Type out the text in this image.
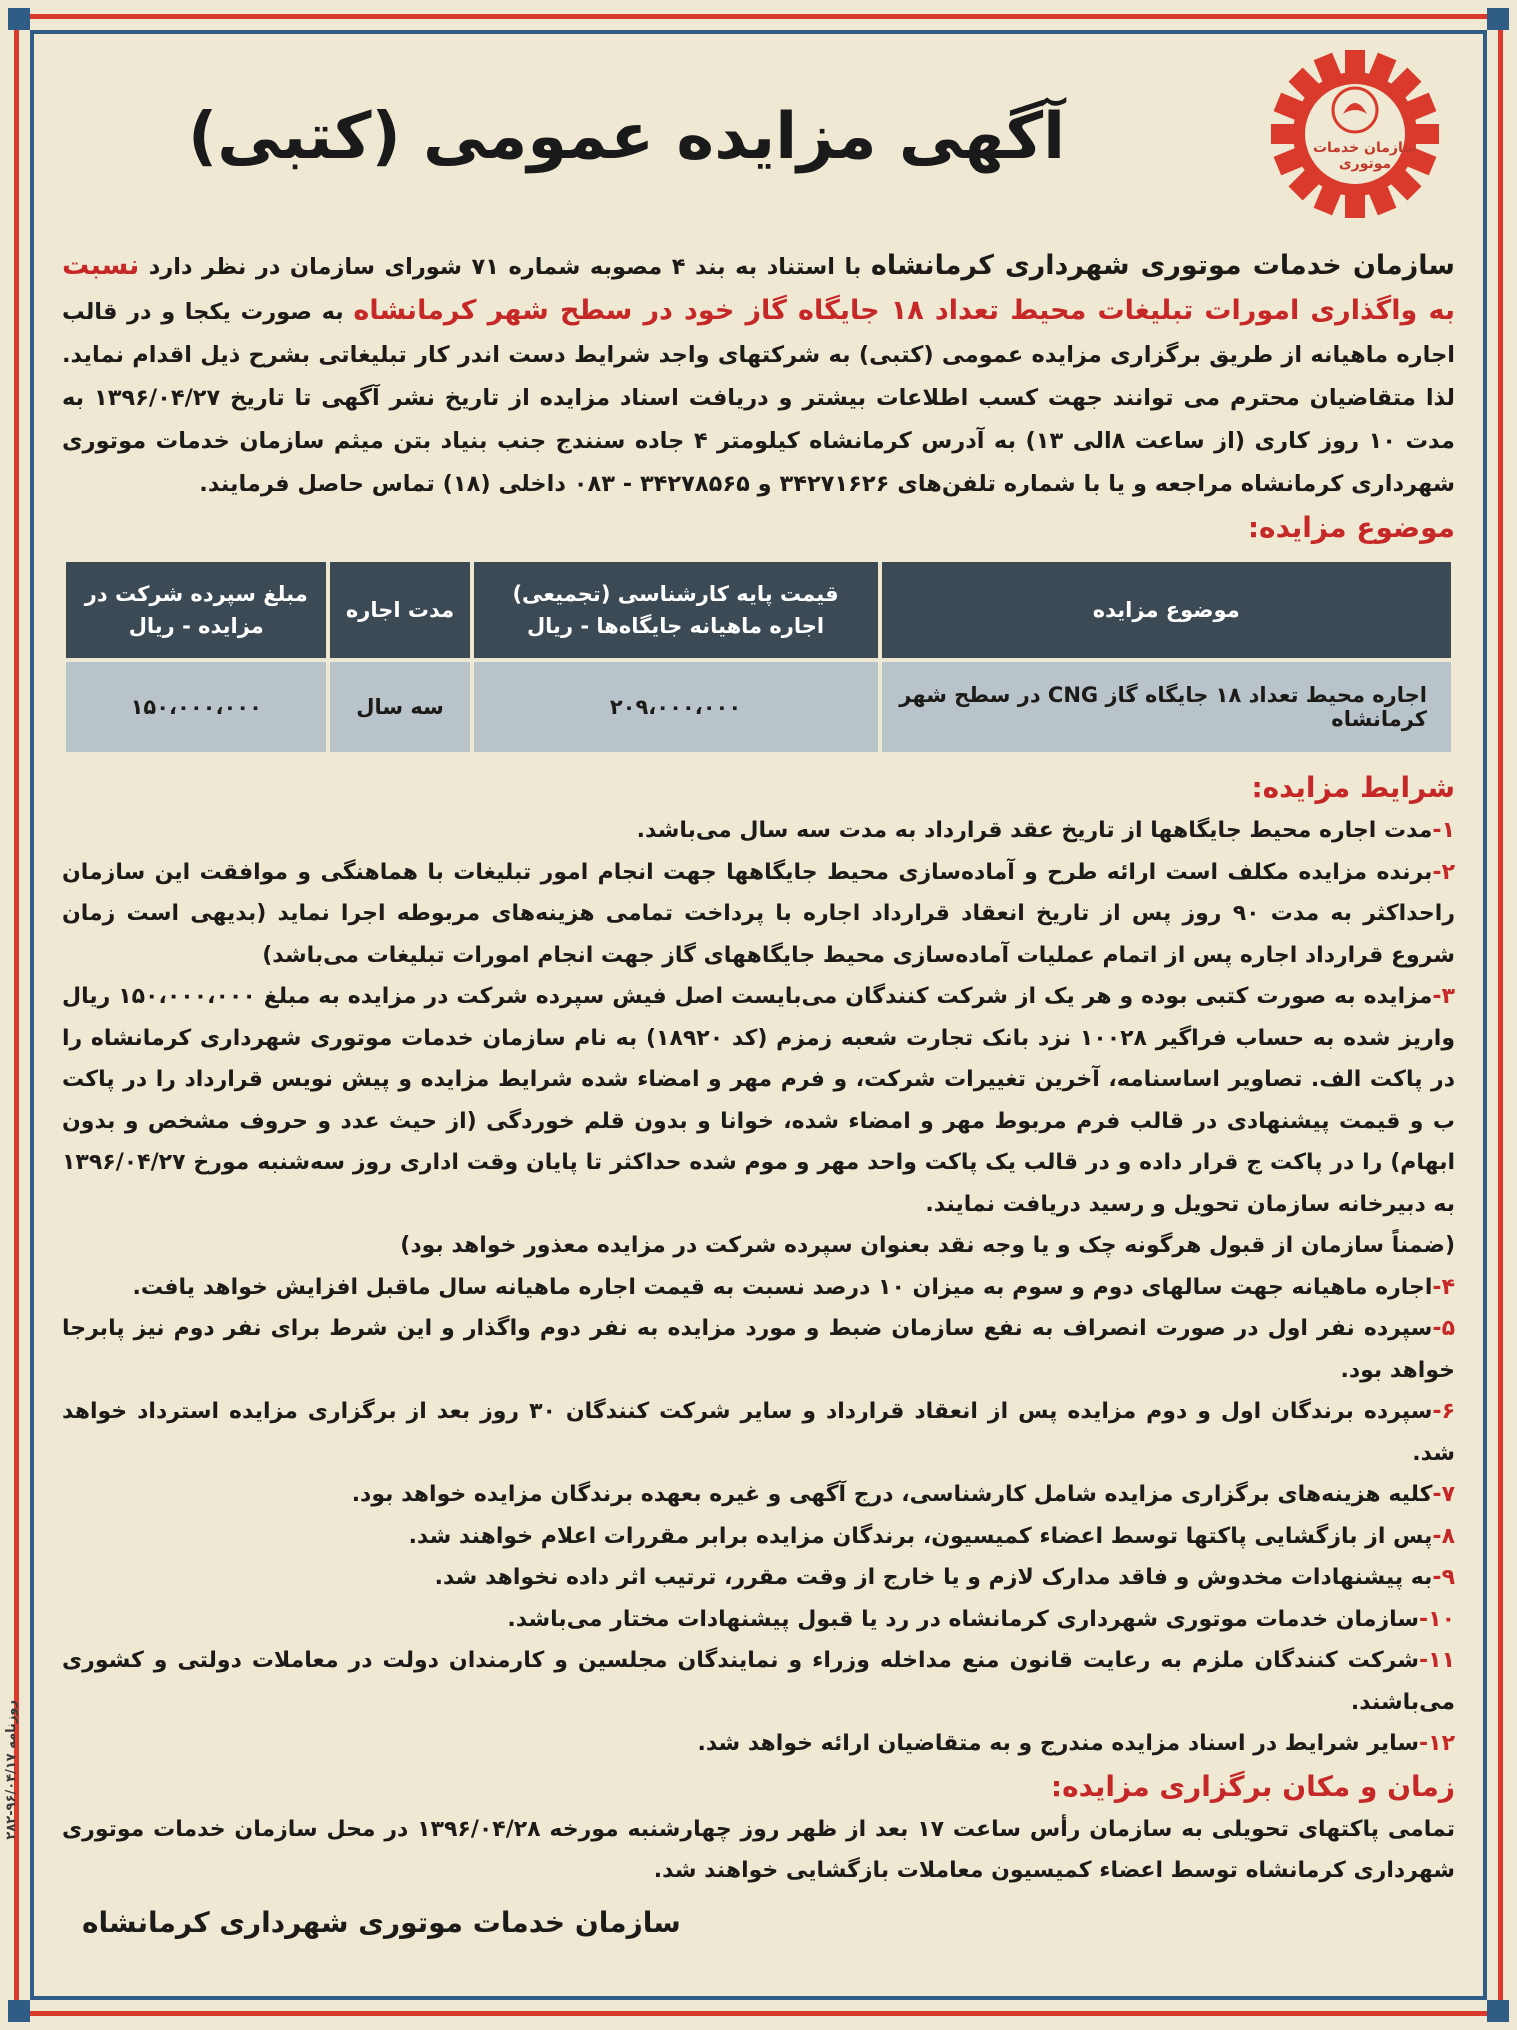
روزنامه ۹۶/۰۴/۱۷-۲۸۲
سازمان خدمات موتوری
آگهی مزایده عمومی (کتبی)
سازمان خدمات موتوری شهرداری کرمانشاه با استناد به بند ۴ مصوبه شماره ۷۱ شورای سازمان در نظر دارد نسبت به واگذاری امورات تبلیغات محیط تعداد ۱۸ جایگاه گاز خود در سطح شهر کرمانشاه به صورت یکجا و در قالب اجاره ماهیانه از طریق برگزاری مزایده عمومی (کتبی) به شرکتهای واجد شرایط دست اندر کار تبلیغاتی بشرح ذیل اقدام نماید. لذا متقاضیان محترم می توانند جهت کسب اطلاعات بیشتر و دریافت اسناد مزایده از تاریخ نشر آگهی تا تاریخ ۱۳۹۶/۰۴/۲۷ به مدت ۱۰ روز کاری (از ساعت ۸الی ۱۳) به آدرس کرمانشاه کیلومتر ۴ جاده سنندج جنب بنیاد بتن میثم سازمان خدمات موتوری شهرداری کرمانشاه مراجعه و یا با شماره تلفن‌های ۳۴۲۷۱۶۲۶ و ۳۴۲۷۸۵۶۵ - ۰۸۳ داخلی (۱۸) تماس حاصل فرمایند.
موضوع مزایده:
موضوع مزایده	قیمت پایه کارشناسی (تجمیعی) اجاره ماهیانه جایگاه‌ها - ریال	مدت اجاره	مبلغ سپرده شرکت در مزایده - ریال
اجاره محیط تعداد ۱۸ جایگاه گاز CNG در سطح شهر کرمانشاه	۲۰۹،۰۰۰،۰۰۰	سه سال	۱۵۰،۰۰۰،۰۰۰
شرایط مزایده:

۱-مدت اجاره محیط جایگاهها از تاریخ عقد قرارداد به مدت سه سال می‌باشد.

۲-برنده مزایده مکلف است ارائه طرح و آماده‌سازی محیط جایگاهها جهت انجام امور تبلیغات با هماهنگی و موافقت این سازمان راحداکثر به مدت ۹۰ روز پس از تاریخ انعقاد قرارداد اجاره با پرداخت تمامی هزینه‌های مربوطه اجرا نماید (بدیهی است زمان شروع قرارداد اجاره پس از اتمام عملیات آماده‌سازی محیط جایگاههای گاز جهت انجام امورات تبلیغات می‌باشد)

۳-مزایده به صورت کتبی بوده و هر یک از شرکت کنندگان می‌بایست اصل فیش سپرده شرکت در مزایده به مبلغ ۱۵۰،۰۰۰،۰۰۰ ریال واریز شده به حساب فراگیر ۱۰۰۲۸ نزد بانک تجارت شعبه زمزم (کد ۱۸۹۲۰) به نام سازمان خدمات موتوری شهرداری کرمانشاه را در پاکت الف. تصاویر اساسنامه، آخرین تغییرات شرکت، و فرم مهر و امضاء شده شرایط مزایده و پیش نویس قرارداد را در پاکت ب و قیمت پیشنهادی در قالب فرم مربوط مهر و امضاء شده، خوانا و بدون قلم خوردگی (از حیث عدد و حروف مشخص و بدون ابهام) را در پاکت ج قرار داده و در قالب یک پاکت واحد مهر و موم شده حداکثر تا پایان وقت اداری روز سه‌شنبه مورخ ۱۳۹۶/۰۴/۲۷ به دبیرخانه سازمان تحویل و رسید دریافت نمایند.

(ضمناً سازمان از قبول هرگونه چک و یا وجه نقد بعنوان سپرده شرکت در مزایده معذور خواهد بود)

۴-اجاره ماهیانه جهت سالهای دوم و سوم به میزان ۱۰ درصد نسبت به قیمت اجاره ماهیانه سال ماقبل افزایش خواهد یافت.

۵-سپرده نفر اول در صورت انصراف به نفع سازمان ضبط و مورد مزایده به نفر دوم واگذار و این شرط برای نفر دوم نیز پابرجا خواهد بود.

۶-سپرده برندگان اول و دوم مزایده پس از انعقاد قرارداد و سایر شرکت کنندگان ۳۰ روز بعد از برگزاری مزایده استرداد خواهد شد.

۷-کلیه هزینه‌های برگزاری مزایده شامل کارشناسی، درج آگهی و غیره بعهده برندگان مزایده خواهد بود.

۸-پس از بازگشایی پاکتها توسط اعضاء کمیسیون، برندگان مزایده برابر مقررات اعلام خواهند شد.

۹-به پیشنهادات مخدوش و فاقد مدارک لازم و یا خارج از وقت مقرر، ترتیب اثر داده نخواهد شد.

۱۰-سازمان خدمات موتوری شهرداری کرمانشاه در رد یا قبول پیشنهادات مختار می‌باشد.

۱۱-شرکت کنندگان ملزم به رعایت قانون منع مداخله وزراء و نمایندگان مجلسین و کارمندان دولت در معاملات دولتی و کشوری می‌باشند.

۱۲-سایر شرایط در اسناد مزایده مندرج و به متقاضیان ارائه خواهد شد.

زمان و مکان برگزاری مزایده:

تمامی پاکتهای تحویلی به سازمان رأس ساعت ۱۷ بعد از ظهر روز چهارشنبه مورخه ۱۳۹۶/۰۴/۲۸ در محل سازمان خدمات موتوری شهرداری کرمانشاه توسط اعضاء کمیسیون معاملات بازگشایی خواهند شد.

سازمان خدمات موتوری شهرداری کرمانشاه
